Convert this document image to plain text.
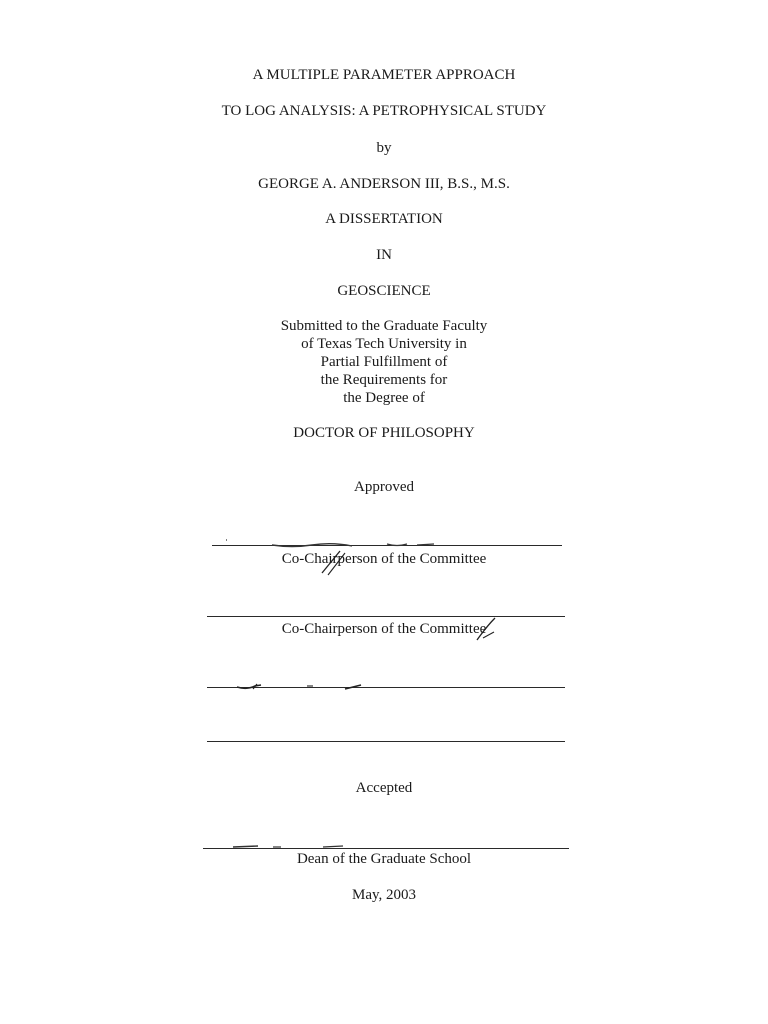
A MULTIPLE PARAMETER APPROACH
TO LOG ANALYSIS: A PETROPHYSICAL STUDY
by
GEORGE A. ANDERSON III, B.S., M.S.
A DISSERTATION
IN
GEOSCIENCE
Submitted to the Graduate Faculty
of Texas Tech University in
Partial Fulfillment of
the Requirements for
the Degree of
DOCTOR OF PHILOSOPHY
Approved
Co-Chairperson of the Committee
Co-Chairperson of the Committee
Accepted
Dean of the Graduate School
May, 2003
